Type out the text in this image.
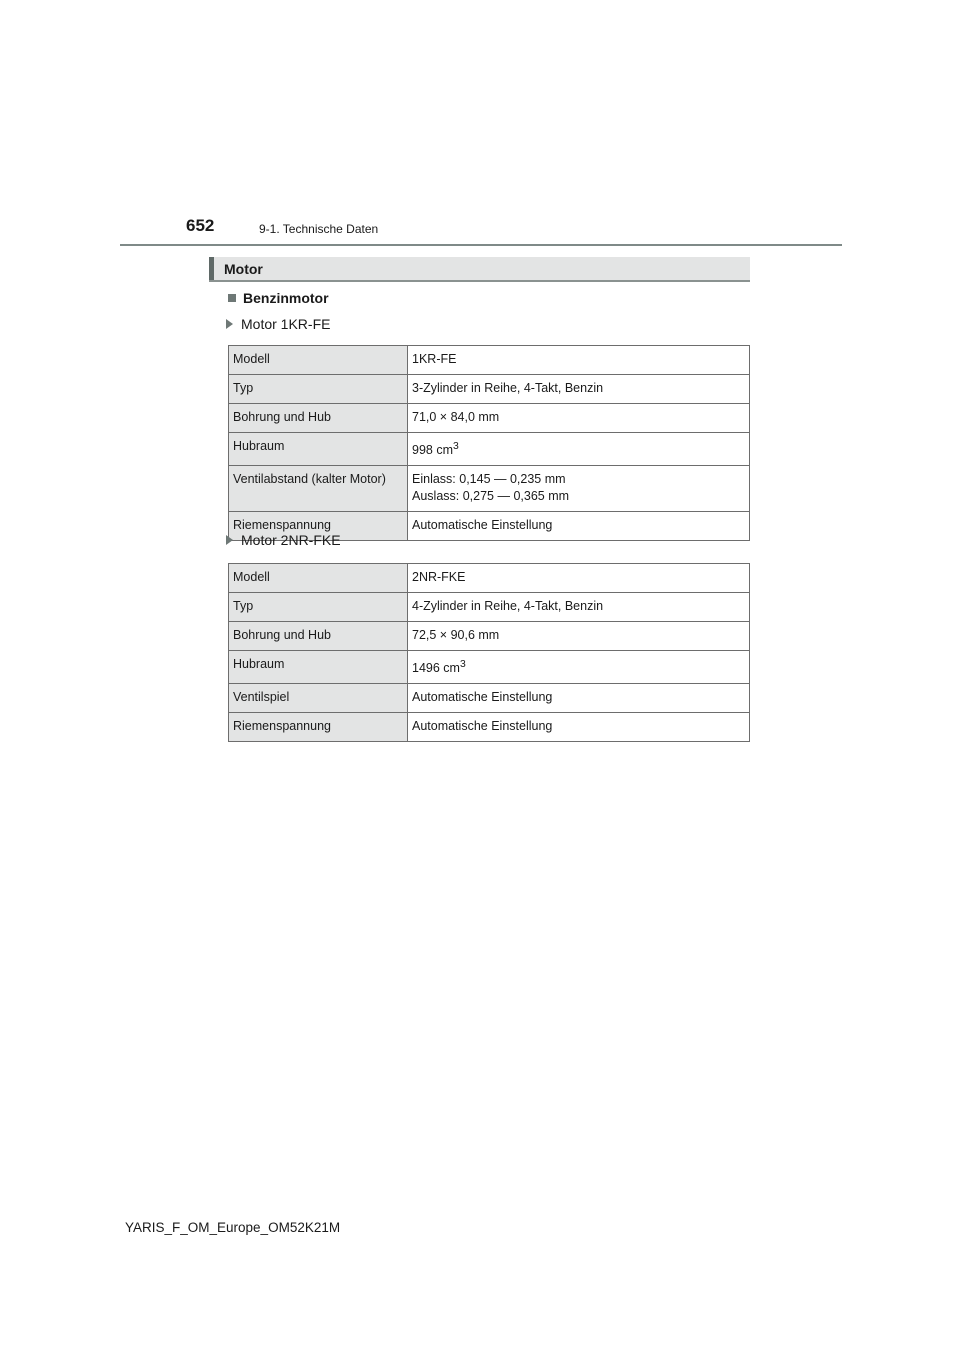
652	9-1. Technische Daten
Motor
Benzinmotor
Motor 1KR-FE
Modell	1KR-FE
Typ	3-Zylinder in Reihe, 4-Takt, Benzin
Bohrung und Hub	71,0 × 84,0 mm
Hubraum	998 $cm^3$
Ventilabstand (kalter Motor)	Einlass: 0,145 — 0,235 mm
Auslass: 0,275 — 0,365 mm

Riemenspannung	Automatische Einstellung
Motor 2NR-FKE
Modell	2NR-FKE
Typ	4-Zylinder in Reihe, 4-Takt, Benzin
Bohrung und Hub	72,5 × 90,6 mm
Hubraum	1496 $cm^3$
Ventilspiel	Automatische Einstellung
Riemenspannung	Automatische Einstellung
YARIS_F_OM_Europe_OM52K21M
